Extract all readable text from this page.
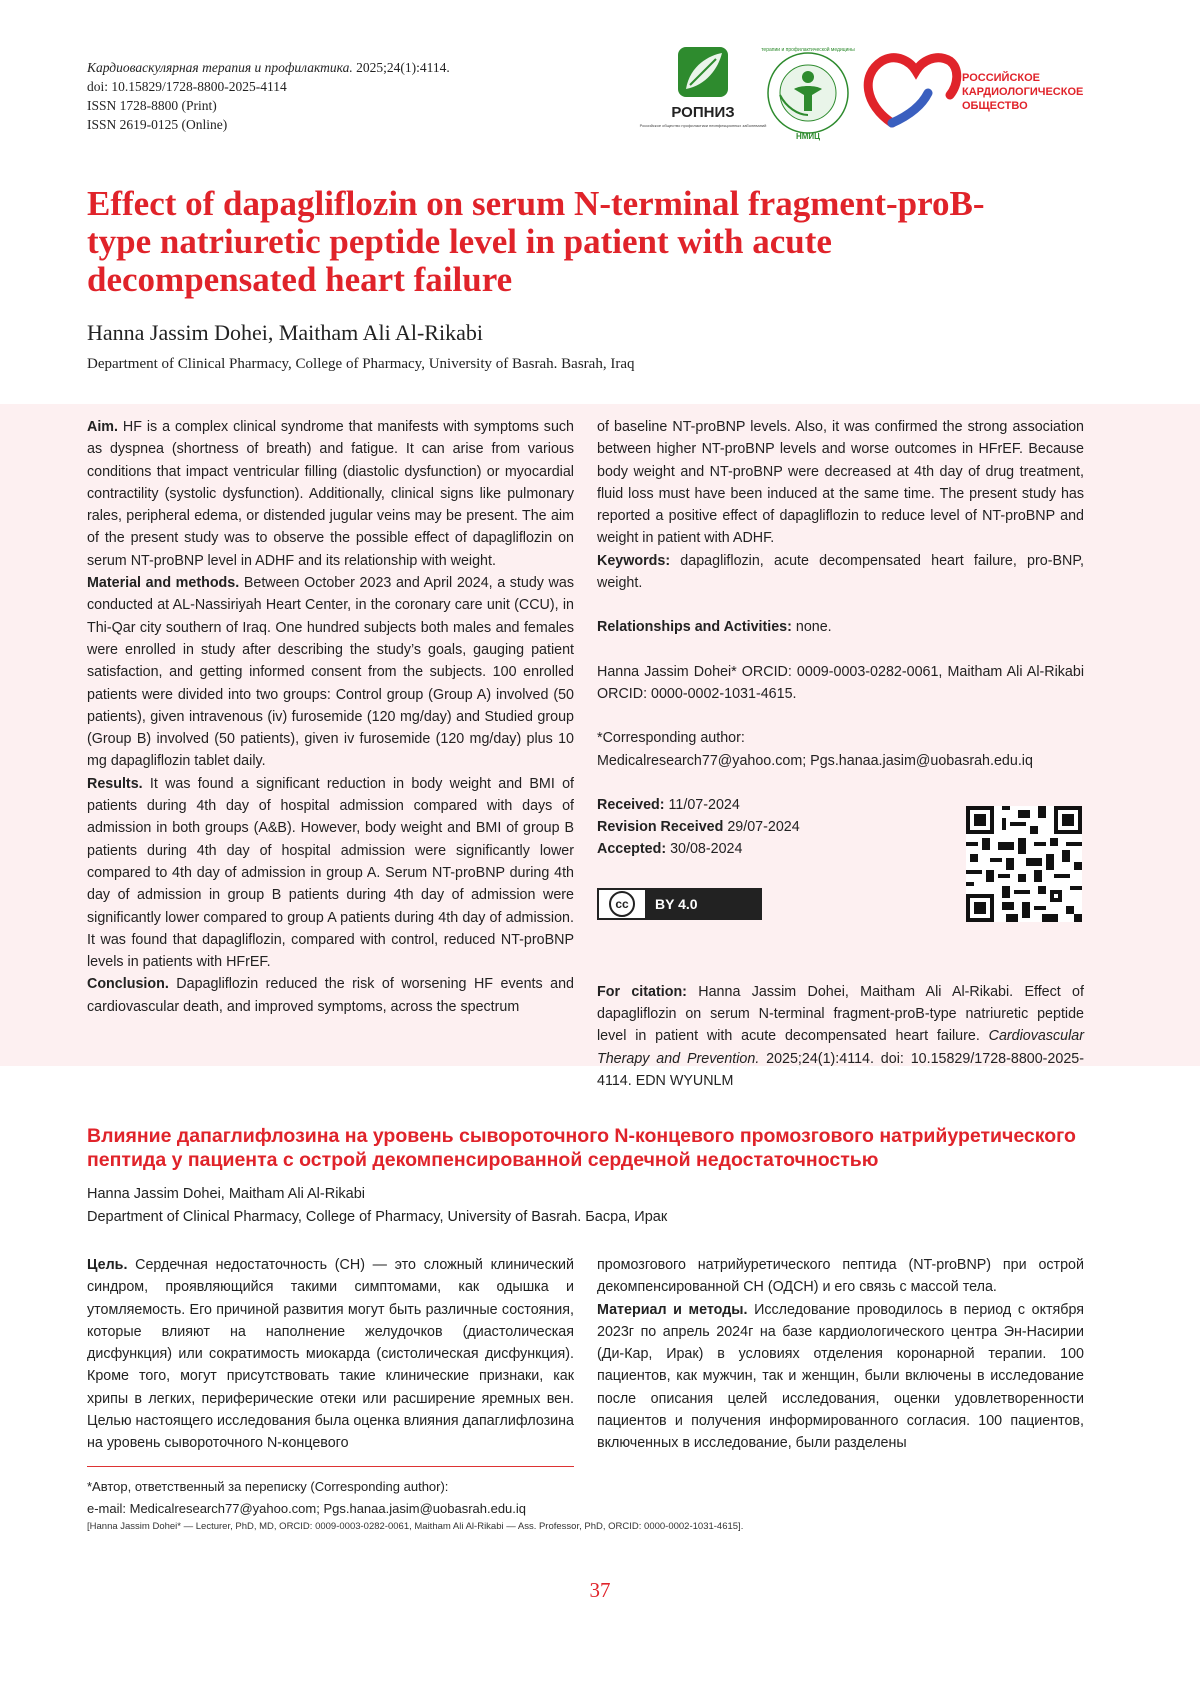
Кардиоваскулярная терапия и профилактика. 2025;24(1):4114.
doi: 10.15829/1728-8800-2025-4114
ISSN 1728-8800 (Print)
ISSN 2619-0125 (Online)
РОПНИЗ
Российское общество профилактики неинфекционных заболеваний
НМИЦ
терапии и профилактической медицины
РОССИЙСКОЕ
КАРДИОЛОГИЧЕСКОЕ
ОБЩЕСТВО
Effect of dapagliflozin on serum N-terminal fragment-proB-type natriuretic peptide level in patient with acute decompensated heart failure
Hanna Jassim Dohei, Maitham Ali Al-Rikabi
Department of Clinical Pharmacy, College of Pharmacy, University of Basrah. Basrah, Iraq

Aim. HF is a complex clinical syndrome that manifests with symptoms such as dyspnea (shortness of breath) and fatigue. It can arise from various conditions that impact ventricular filling (diastolic dysfunction) or myocardial contractility (systolic dysfunction). Additionally, clinical signs like pulmonary rales, peripheral edema, or distended jugular veins may be present. The aim of the present study was to observe the possible effect of dapagliflozin on serum NT-proBNP level in ADHF and its relationship with weight.

Material and methods. Between October 2023 and April 2024, a study was conducted at AL-Nassiriyah Heart Center, in the coronary care unit (CCU), in Thi-Qar city southern of Iraq. One hundred subjects both males and females were enrolled in study after describing the study’s goals, gauging patient satisfaction, and getting informed consent from the subjects. 100 enrolled patients were divided into two groups: Control group (Group A) involved (50 patients), given intravenous (iv) furosemide (120 mg/day) and Studied group (Group B) involved (50 patients), given iv furosemide (120 mg/day) plus 10 mg dapagliflozin tablet daily.

Results. It was found a significant reduction in body weight and BMI of patients during 4th day of hospital admission compared with days of admission in both groups (A&B). However, body weight and BMI of group B patients during 4th day of hospital admission were significantly lower compared to 4th day of admission in group A. Serum NT-proBNP during 4th day of admission in group B patients during 4th day of admission were significantly lower compared to group A patients during 4th day of admission. It was found that dapagliflozin, compared with control, reduced NT-proBNP levels in patients with HFrEF.

Conclusion. Dapagliflozin reduced the risk of worsening HF events and cardiovascular death, and improved symptoms, across the spectrum

of baseline NT-proBNP levels. Also, it was confirmed the strong association between higher NT-proBNP levels and worse outcomes in HFrEF. Because body weight and NT-proBNP were decreased at 4th day of drug treatment, fluid loss must have been induced at the same time. The present study has reported a positive effect of dapagliflozin to reduce level of NT-proBNP and weight in patient with ADHF.

Keywords: dapagliflozin, acute decompensated heart failure, pro-BNP, weight.

Relationships and Activities: none.

Hanna Jassim Dohei* ORCID: 0009-0003-0282-0061, Maitham Ali Al-Rikabi ORCID: 0000-0002-1031-4615.

*Corresponding author:

Medicalresearch77@yahoo.com; Pgs.hanaa.jasim@uobasrah.edu.iq

Received: 11/07-2024

Revision Received 29/07-2024

Accepted: 30/08-2024

For citation: Hanna Jassim Dohei, Maitham Ali Al-Rikabi. Effect of dapagliflozin on serum N-terminal fragment-proB-type natriuretic peptide level in patient with acute decompensated heart failure. Cardiovascular Therapy and Prevention. 2025;24(1):4114. doi: 10.15829/1728-8800-2025-4114. EDN WYUNLM

cc	BY 4.0
Влияние дапаглифлозина на уровень сывороточного N-концевого промозгового натрийуретического пептида у пациента с острой декомпенсированной сердечной недостаточностью
Hanna Jassim Dohei, Maitham Ali Al-Rikabi
Department of Clinical Pharmacy, College of Pharmacy, University of Basrah. Басра, Ирак

Цель. Сердечная недостаточность (СН) — это сложный клинический синдром, проявляющийся такими симптомами, как одышка и утомляемость. Его причиной развития могут быть различные состояния, которые влияют на наполнение желудочков (диастолическая дисфункция) или сократимость миокарда (систолическая дисфункция). Кроме того, могут присутствовать такие клинические признаки, как хрипы в легких, периферические отеки или расширение яремных вен. Целью настоящего исследования была оценка влияния дапаглифлозина на уровень сывороточного N-концевого

промозгового натрийуретического пептида (NT-proBNP) при острой декомпенсированной СН (ОДСН) и его связь с массой тела.

Материал и методы. Исследование проводилось в период с октября 2023г по апрель 2024г на базе кардиологического центра Эн-Насирии (Ди-Кар, Ирак) в условиях отделения коронарной терапии. 100 пациентов, как мужчин, так и женщин, были включены в исследование после описания целей исследования, оценки удовлетворенности пациентов и получения информированного согласия. 100 пациентов, включенных в исследование, были разделены

*Автор, ответственный за переписку (Corresponding author):
e-mail: Medicalresearch77@yahoo.com; Pgs.hanaa.jasim@uobasrah.edu.iq
[Hanna Jassim Dohei* — Lecturer, PhD, MD, ORCID: 0009-0003-0282-0061, Maitham Ali Al-Rikabi — Ass. Professor, PhD, ORCID: 0000-0002-1031-4615].
37
